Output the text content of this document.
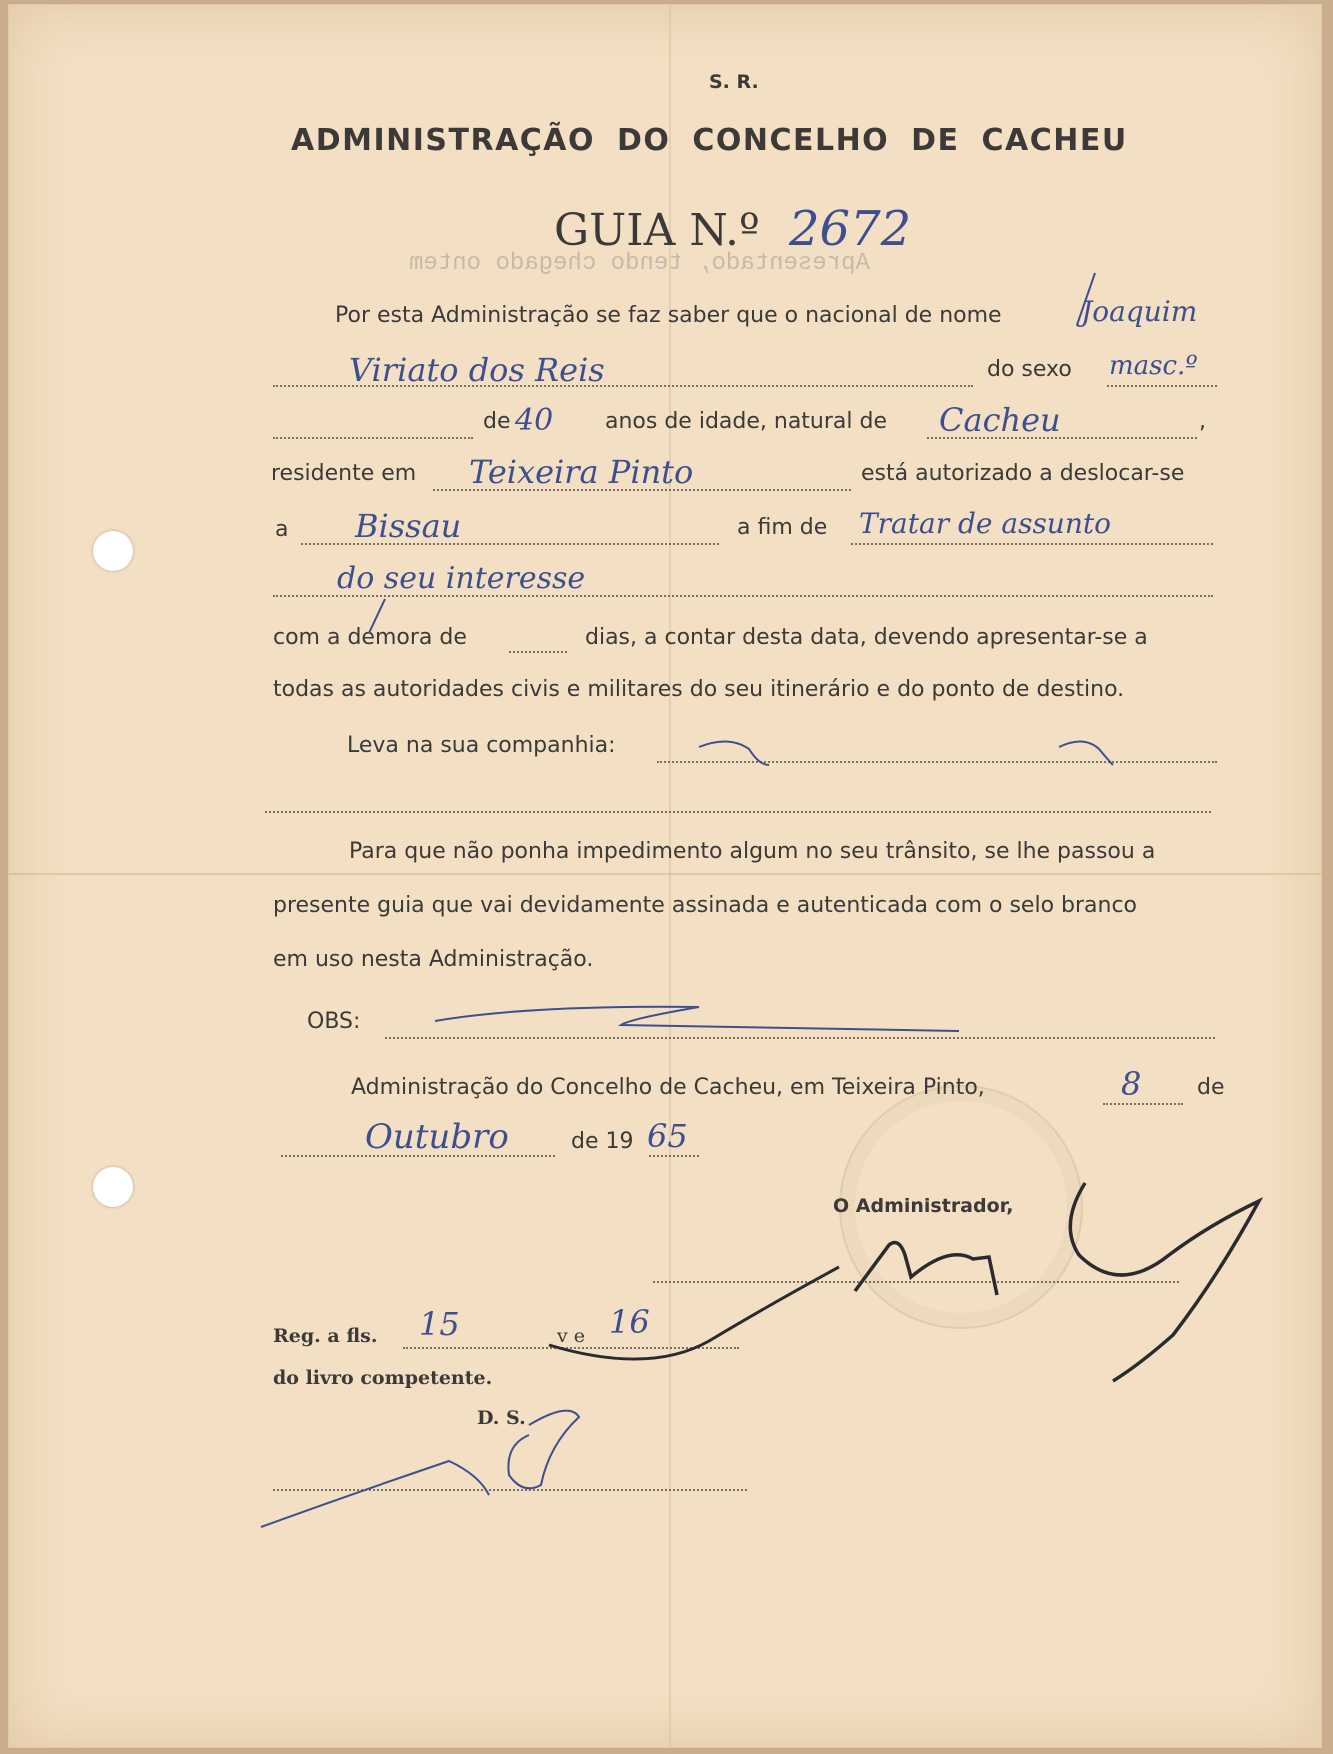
S. R.
ADMINISTRAÇÃO DO CONCELHO DE CACHEU
Apresentado, tendo chegado ontem
GUIA N.º 2672
Por esta Administração se faz saber que o nacional de nome	Joaquim
Viriato dos Reis	do sexo masc.º
de 40 anos de idade, natural de Cacheu	,
residente em Teixeira Pinto	está autorizado a deslocar-se
a Bissau	a fim de Tratar de assunto
do seu interesse
com a demora de	dias, a contar desta data, devendo apresentar-se a
todas as autoridades civis e militares do seu itinerário e do ponto de destino.
Leva na sua companhia:
Para que não ponha impedimento algum no seu trânsito, se lhe passou a
presente guia que vai devidamente assinada e autenticada com o selo branco
em uso nesta Administração.
OBS:
Administração do Concelho de Cacheu, em Teixeira Pinto,	8	de
Outubro	de 19 65
O Administrador,
Reg. a fls. 15	v e 16
do livro competente.
D. S.
